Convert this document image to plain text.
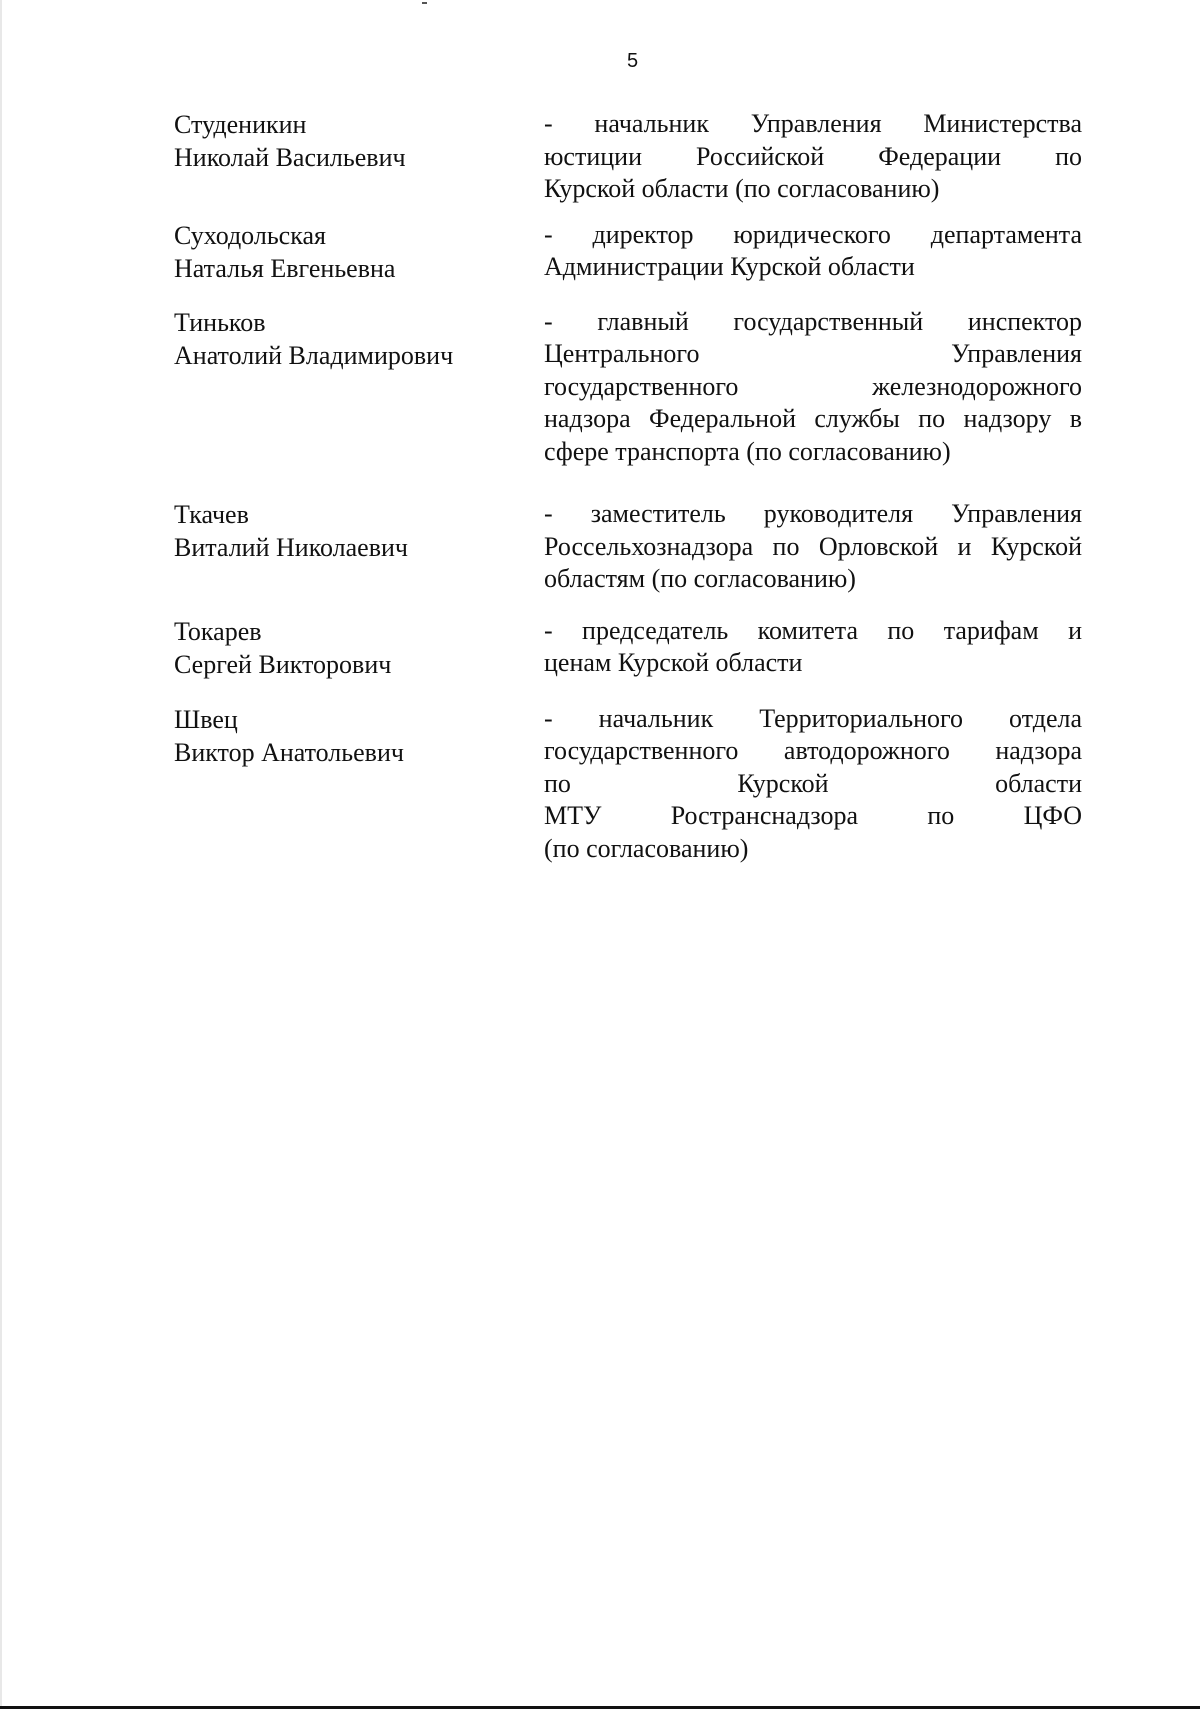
5
Студеникин
Николай Васильевич
- начальник Управления Министерства
юстиции Российской Федерации по
Курской области (по согласованию)
Суходольская
Наталья Евгеньевна
- директор юридического департамента
Администрации Курской области
Тиньков
Анатолий Владимирович
- главный государственный инспектор
Центрального Управления
государственного железнодорожного
надзора Федеральной службы по надзору в
сфере транспорта (по согласованию)
Ткачев
Виталий Николаевич
- заместитель руководителя Управления
Россельхознадзора по Орловской и Курской
областям (по согласованию)
Токарев
Сергей Викторович
- председатель комитета по тарифам и
ценам Курской области
Швец
Виктор Анатольевич
- начальник Территориального отдела
государственного автодорожного надзора
по Курской области
МТУ Ространснадзора по ЦФО
(по согласованию)
